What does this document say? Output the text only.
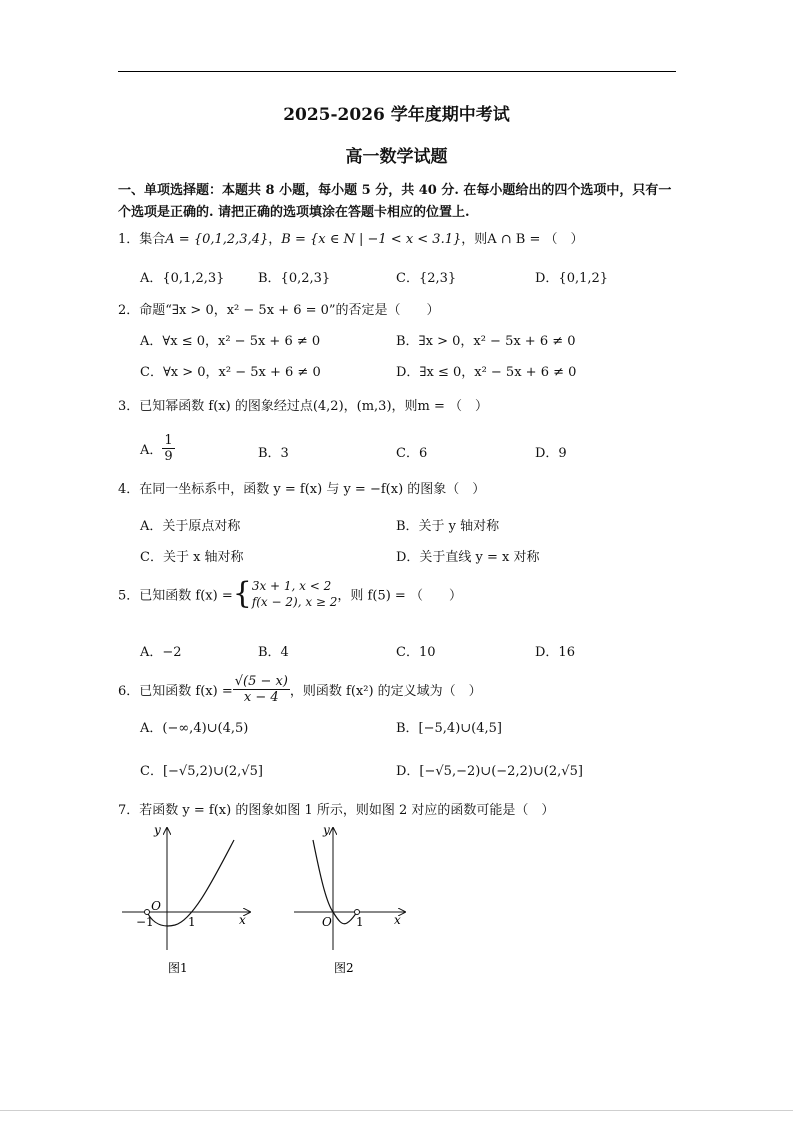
2025-2026 学年度期中考试
高一数学试题
一、单项选择题：本题共 8 小题，每小题 5 分，共 40 分. 在每小题给出的四个选项中，只有一个选项是正确的. 请把正确的选项填涂在答题卡相应的位置上.
1．集合A = {0,1,2,3,4}，B = {x ∈ N | −1 < x < 3.1}，则A ∩ B = （　）
A．{0,1,2,3}	B．{0,2,3}	C．{2,3}	D．{0,1,2}
2．命题“∃x > 0，x² − 5x + 6 = 0”的否定是（　　）
A．∀x ≤ 0，x² − 5x + 6 ≠ 0	B．∃x > 0，x² − 5x + 6 ≠ 0
C．∀x > 0，x² − 5x + 6 ≠ 0	D．∃x ≤ 0，x² − 5x + 6 ≠ 0
3．已知幂函数 f(x) 的图象经过点(4,2)，(m,3)，则m = （　）
A． $\frac{1}{9}$	B．3	C．6	D．9
4．在同一坐标系中，函数 y = f(x) 与 y = −f(x) 的图象（　）
A．关于原点对称	B．关于 y 轴对称
C．关于 x 轴对称	D．关于直线 y = x 对称
5．已知函数 f(x) ={ 3x + 1, x < 2
f(x − 2), x ≥ 2 ，则 f(5) = （　　）
A．−2	B．4	C．10	D．16
6．已知函数 $f(x) = \frac{√(5 - x)}{x - 4}$ ，则函数 f(x²) 的定义域为（　）
A．(−∞,4)∪(4,5)	B．[−5,4)∪(4,5]
C．[−√5,2)∪(2,√5]	D．[−√5,−2)∪(−2,2)∪(2,√5]
7．若函数 y = f(x) 的图象如图 1 所示，则如图 2 对应的函数可能是（　）
O
−1	1
y
x
图1
O 1
y
x
图2
